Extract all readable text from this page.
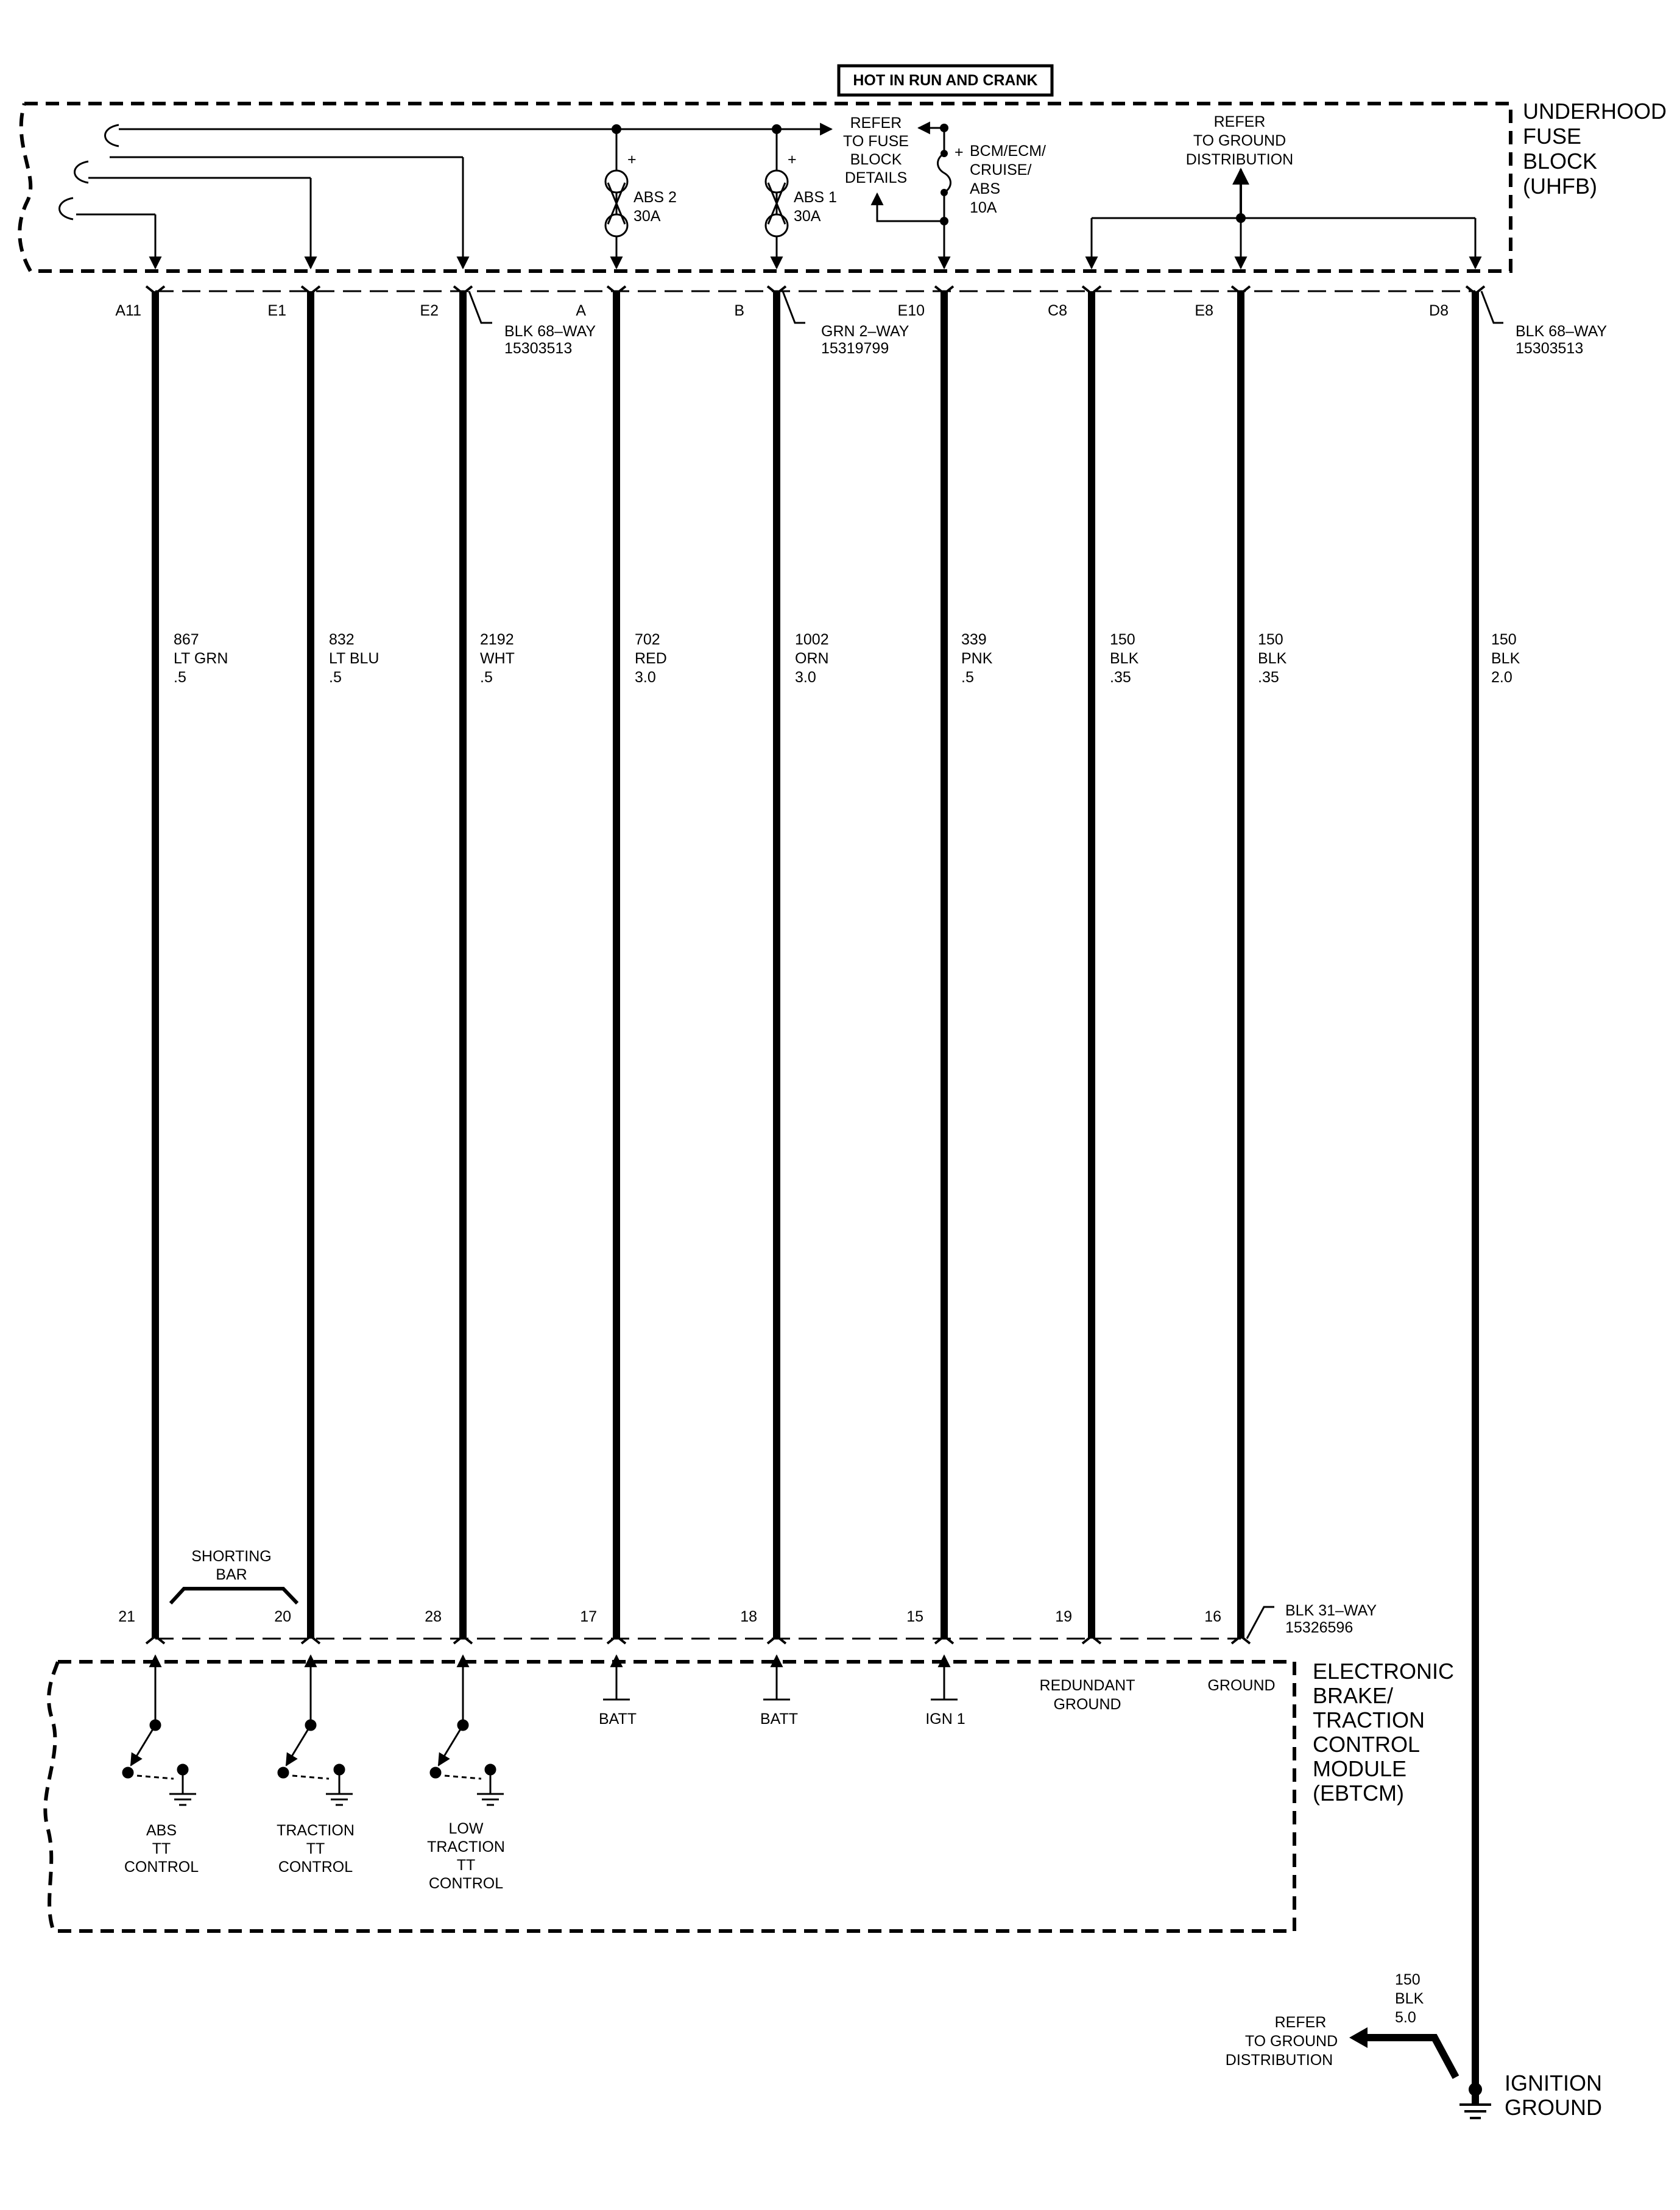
HOT IN RUN AND CRANK
UNDERHOOD
FUSE
BLOCK
(UHFB)
+
ABS 2
30A
+
ABS 1
30A
REFER
TO FUSE
BLOCK
DETAILS
+ BCM/ECM/
CRUISE/
ABS
10A
REFER
TO GROUND
DISTRIBUTION
BLK 68–WAY
15303513
GRN 2–WAY
15319799
BLK 68–WAY
15303513
A11	E1	E2	A	B	E10	C8	E8	D8
867
LT GRN
.5
832
LT BLU
.5
2192
WHT
.5
702
RED
3.0
1002
ORN
3.0
339
PNK
.5
150
BLK
.35
150
BLK
.35
150
BLK
2.0
SHORTING
BAR
21	20	28	17	18	15	19	16	BLK 31–WAY
15326596
ELECTRONIC
BRAKE/
TRACTION
CONTROL
MODULE
(EBTCM)
ABS
TT
CONTROL
TRACTION
TT
CONTROL
LOW
TRACTION
TT
CONTROL
BATT	BATT	IGN 1
REDUNDANT
GROUND
GROUND
150
BLK
5.0
REFER
TO GROUND
DISTRIBUTION
IGNITION
GROUND
